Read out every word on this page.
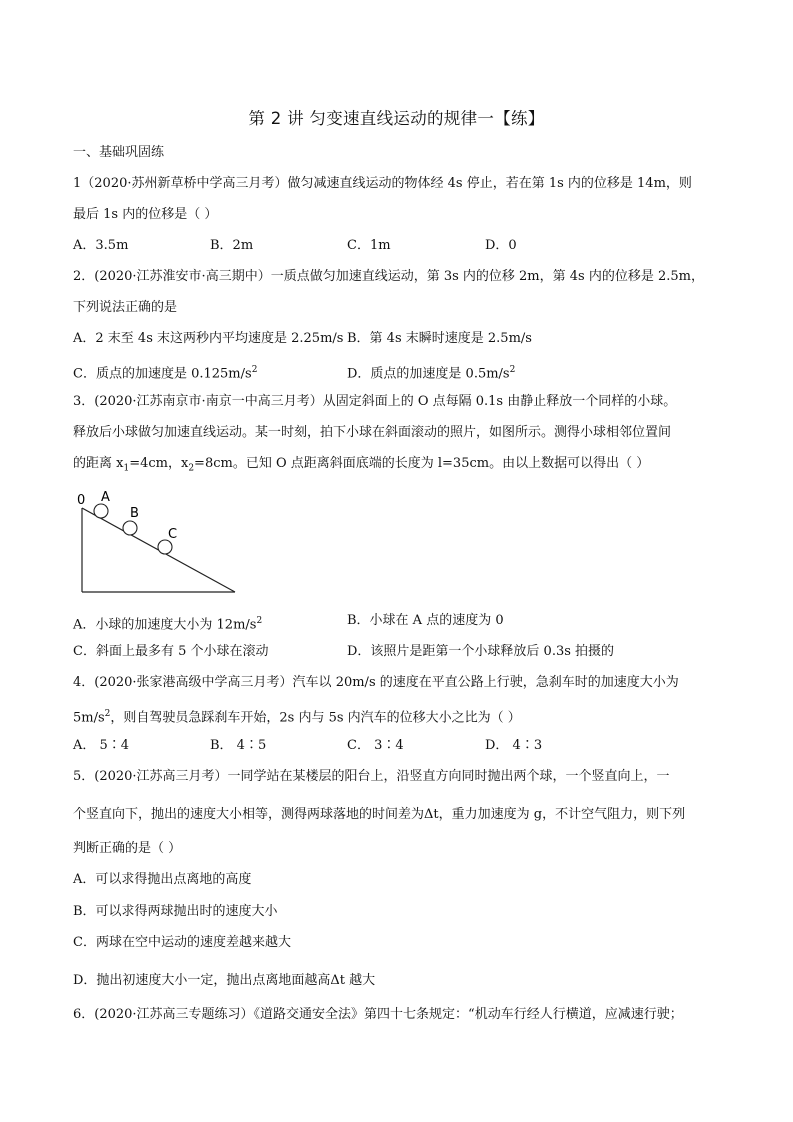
第 2 讲 匀变速直线运动的规律一【练】
一、基础巩固练
1（2020·苏州新草桥中学高三月考）做匀减速直线运动的物体经 4s 停止，若在第 1s 内的位移是 14m，则
最后 1s 内的位移是（ ）
A．3.5m	B．2m	C．1m	D．0
2．(2020·江苏淮安市·高三期中）一质点做匀加速直线运动，第 3s 内的位移 2m，第 4s 内的位移是 2.5m，
下列说法正确的是
A．2 末至 4s 末这两秒内平均速度是 2.25m/s B．第 4s 末瞬时速度是 2.5m/s
C．质点的加速度是 $0.125m/s^2$	D．质点的加速度是 $0.5m/s^2$
3．(2020·江苏南京市·南京一中高三月考）从固定斜面上的 O 点每隔 0.1s 由静止释放一个同样的小球。
释放后小球做匀加速直线运动。某一时刻，拍下小球在斜面滚动的照片，如图所示。测得小球相邻位置间
的距离 $x_1=4cm$，$x_2=8cm$。已知 O 点距离斜面底端的长度为 l=35cm。由以上数据可以得出（ ）
0 A
B
C
A．小球的加速度大小为 $12m/s^2$	B．小球在 A 点的速度为 0
C．斜面上最多有 5 个小球在滚动	D．该照片是距第一个小球释放后 0.3s 拍摄的
4．(2020·张家港高级中学高三月考）汽车以 20m/s 的速度在平直公路上行驶，急刹车时的加速度大小为
$5m/s^2$，则自驾驶员急踩刹车开始，2s 内与 5s 内汽车的位移大小之比为（ ）
A． 5∶4	B． 4∶5	C． 3∶4	D． 4∶3
5．(2020·江苏高三月考）一同学站在某楼层的阳台上，沿竖直方向同时抛出两个球，一个竖直向上，一
个竖直向下，抛出的速度大小相等，测得两球落地的时间差为Δt，重力加速度为 g，不计空气阻力，则下列
判断正确的是（ ）
A．可以求得抛出点离地的高度
B．可以求得两球抛出时的速度大小
C．两球在空中运动的速度差越来越大
D．抛出初速度大小一定，抛出点离地面越高Δt 越大
6．(2020·江苏高三专题练习）《道路交通安全法》第四十七条规定：“机动车行经人行横道，应减速行驶；
